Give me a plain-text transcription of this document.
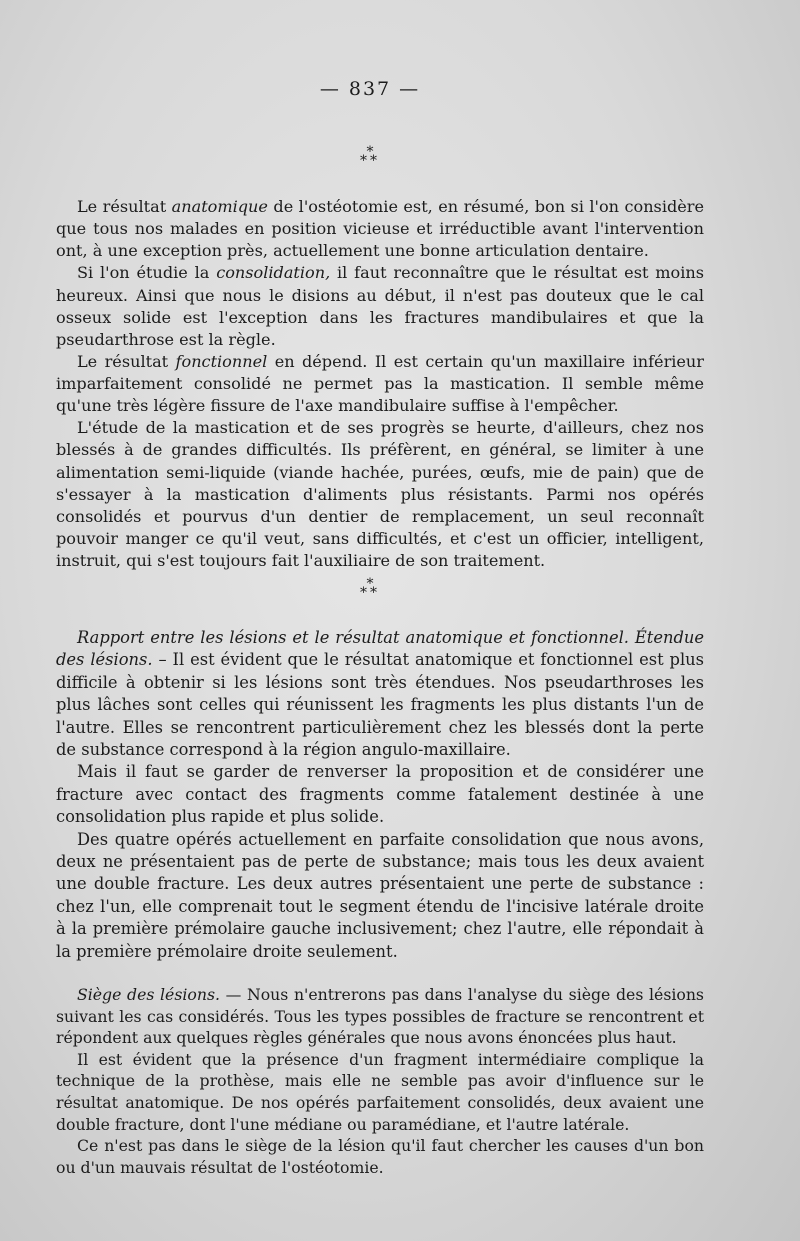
— 837 —
*
**

Le résultat anatomique de l'ostéotomie est, en résumé, bon si l'on considère que tous nos malades en position vicieuse et irréductible avant l'intervention ont, à une exception près, actuellement une bonne articulation dentaire.

Si l'on étudie la consolidation, il faut reconnaître que le résultat est moins heureux. Ainsi que nous le disions au début, il n'est pas douteux que le cal osseux solide est l'exception dans les fractures mandibulaires et que la pseudarthrose est la règle.

Le résultat fonctionnel en dépend. Il est certain qu'un maxillaire inférieur imparfaitement consolidé ne permet pas la mastication. Il semble même qu'une très légère fissure de l'axe mandibulaire suffise à l'empêcher.

L'étude de la mastication et de ses progrès se heurte, d'ailleurs, chez nos blessés à de grandes difficultés. Ils préfèrent, en général, se limiter à une alimentation semi-liquide (viande hachée, purées, œufs, mie de pain) que de s'essayer à la mastication d'aliments plus résistants. Parmi nos opérés consolidés et pourvus d'un dentier de remplacement, un seul reconnaît pouvoir manger ce qu'il veut, sans difficultés, et c'est un officier, intelligent, instruit, qui s'est toujours fait l'auxiliaire de son traitement.

*
**

Rapport entre les lésions et le résultat anatomique et fonctionnel. Étendue des lésions. – Il est évident que le résultat anatomique et fonctionnel est plus difficile à obtenir si les lésions sont très étendues. Nos pseudarthroses les plus lâches sont celles qui réunissent les fragments les plus distants l'un de l'autre. Elles se rencontrent particulièrement chez les blessés dont la perte de substance correspond à la région angulo-maxillaire.

Mais il faut se garder de renverser la proposition et de considérer une fracture avec contact des fragments comme fatalement destinée à une consolidation plus rapide et plus solide.

Des quatre opérés actuellement en parfaite consolidation que nous avons, deux ne présentaient pas de perte de substance; mais tous les deux avaient une double fracture. Les deux autres présentaient une perte de substance : chez l'un, elle comprenait tout le segment étendu de l'incisive latérale droite à la première prémolaire gauche inclusivement; chez l'autre, elle répondait à la première prémolaire droite seulement.

Siège des lésions. — Nous n'entrerons pas dans l'analyse du siège des lésions suivant les cas considérés. Tous les types possibles de fracture se rencontrent et répondent aux quelques règles générales que nous avons énoncées plus haut.

Il est évident que la présence d'un fragment intermédiaire complique la technique de la prothèse, mais elle ne semble pas avoir d'influence sur le résultat anatomique. De nos opérés parfaitement consolidés, deux avaient une double fracture, dont l'une médiane ou paramédiane, et l'autre latérale.

Ce n'est pas dans le siège de la lésion qu'il faut chercher les causes d'un bon ou d'un mauvais résultat de l'ostéotomie.
